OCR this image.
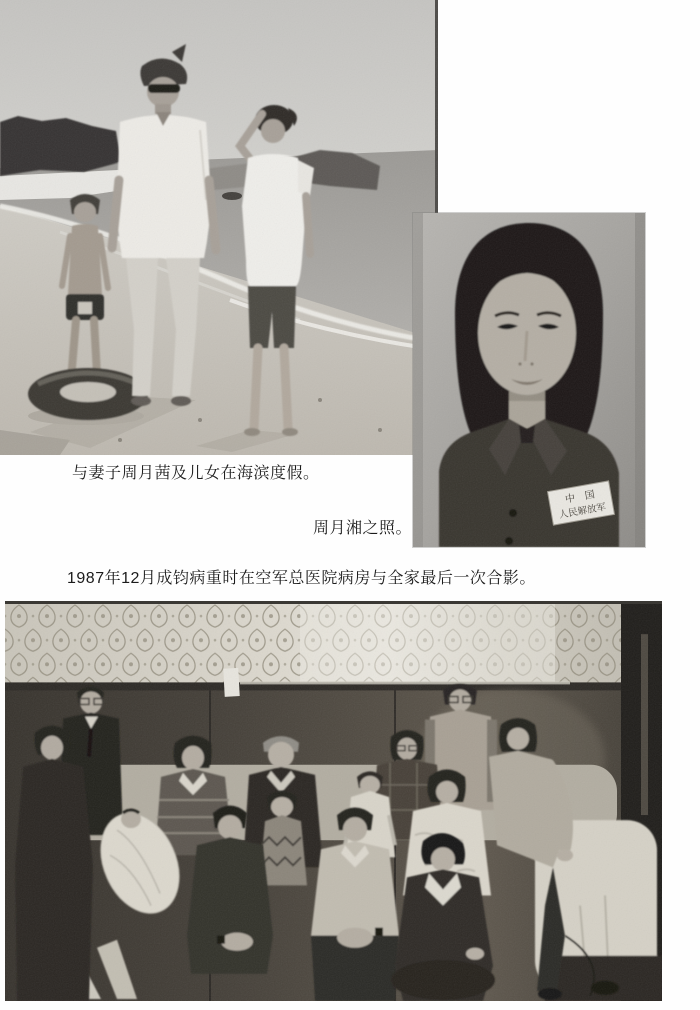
中　国
人民解放军
与妻子周月茜及儿女在海滨度假。
周月湘之照。
1987年12月成钧病重时在空军总医院病房与全家最后一次合影。
